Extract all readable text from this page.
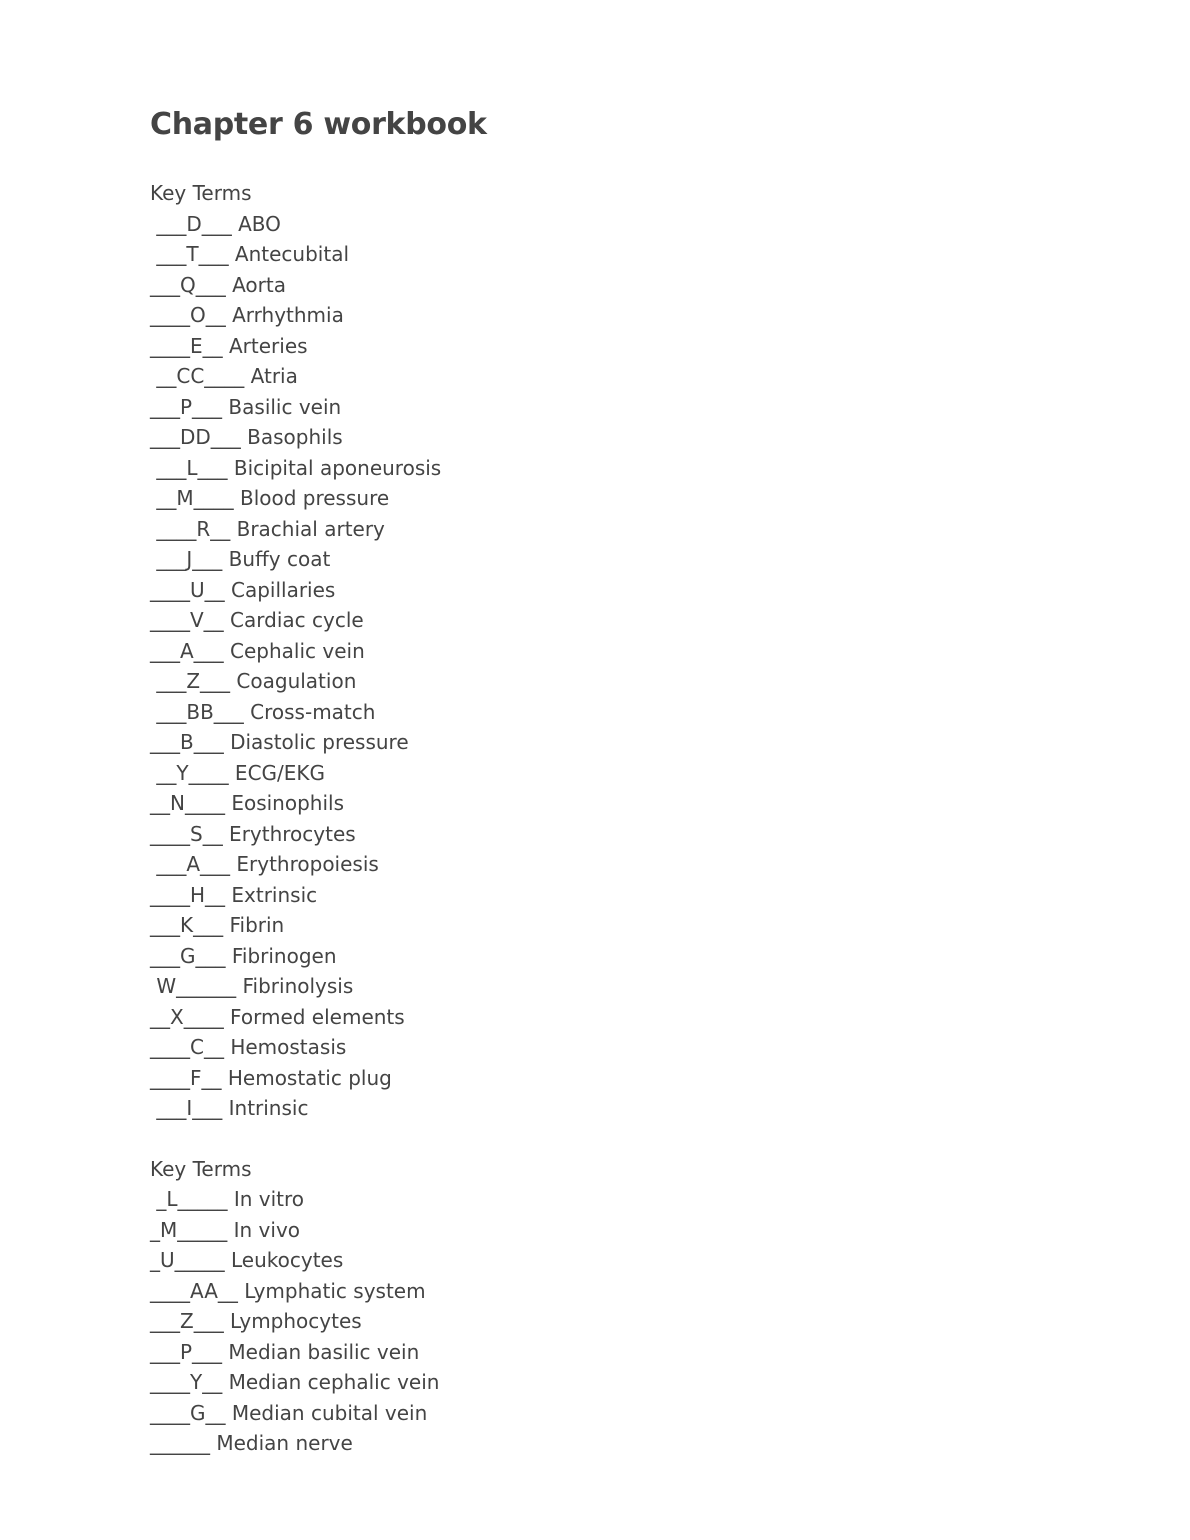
Chapter 6 workbook
Key Terms
___D___ ABO
___T___ Antecubital
___Q___ Aorta
____O__ Arrhythmia
____E__ Arteries
__CC____ Atria
___P___ Basilic vein
___DD___ Basophils
___L___ Bicipital aponeurosis
__M____ Blood pressure
____R__ Brachial artery
___J___ Buffy coat
____U__ Capillaries
____V__ Cardiac cycle
___A___ Cephalic vein
___Z___ Coagulation
___BB___ Cross-match
___B___ Diastolic pressure
__Y____ ECG/EKG
__N____ Eosinophils
____S__ Erythrocytes
___A___ Erythropoiesis
____H__ Extrinsic
___K___ Fibrin
___G___ Fibrinogen
W______ Fibrinolysis
__X____ Formed elements
____C__ Hemostasis
____F__ Hemostatic plug
___I___ Intrinsic
Key Terms
_L_____ In vitro
_M_____ In vivo
_U_____ Leukocytes
____AA__ Lymphatic system
___Z___ Lymphocytes
___P___ Median basilic vein
____Y__ Median cephalic vein
____G__ Median cubital vein
______ Median nerve
